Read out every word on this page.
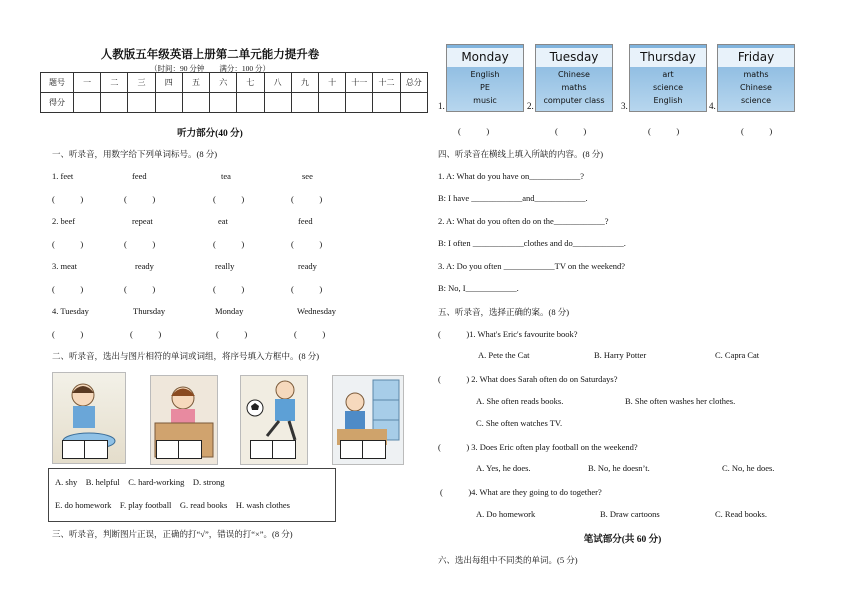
人教版五年级英语上册第二单元能力提升卷
（时间：90 分钟　　满分：100 分）
题号	一	二	三	四	五	六	七	八	九	十	十一	十二	总分
得分													
听力部分(40 分)
一、听录音，用数字给下列单词标号。(8 分)
1. feet	feed	tea	see
(　　　)	(　　　)	(　　　)	(　　　)
2. beef	repeat	eat	feed
(　　　)	(　　　)	(　　　)	(　　　)
3. meat	ready	really	ready
(　　　)	(　　　)	(　　　)	(　　　)
4. Tuesday	Thursday	Monday	Wednesday
(　　　)	(　　　)	(　　　)	(　　　)
二、听录音，选出与图片相符的单词或词组，将序号填入方框中。(8 分)
A. shy　B. helpful　C. hard-working　D. strong
E. do homework　F. play football　G. read books　H. wash clothes
三、听录音，判断图片正误，正确的打“√”，错误的打“×”。(8 分)
Monday
English
PE
music
Tuesday
Chinese
maths
computer class
Thursday
art
science
English
Friday
maths
Chinese
science
1.	2.	3.	4.
(　　　)	(　　　)	(　　　)	(　　　)
四、听录音在横线上填入所缺的内容。(8 分)
1. A: What do you have on____________?
B: I have ____________and____________.
2. A: What do you often do on the____________?
B: I often ____________clothes and do____________.
3. A: Do you often ____________TV on the weekend?
B: No, I____________.
五、听录音，选择正确的案。(8 分)
(　　　)1. What's Eric's favourite book?
A. Pete the Cat	B. Harry Potter	C. Capra Cat
(　　　) 2. What does Sarah often do on Saturdays?
A. She often reads books.	B. She often washes her clothes.
C. She often watches TV.
(　　　) 3. Does Eric often play football on the weekend?
A. Yes, he does.	B. No, he doesn’t.	C. No, he does.
(　　　)4. What are they going to do together?
A. Do homework	B. Draw cartoons	C. Read books.
笔试部分(共 60 分)
六、选出每组中不同类的单词。(5 分)
